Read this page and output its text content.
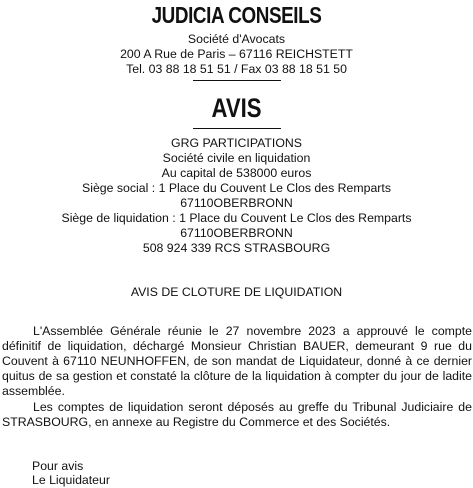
JUDICIA CONSEILS
Société d'Avocats
200 A Rue de Paris – 67116 REICHSTETT
Tel. 03 88 18 51 51 / Fax 03 88 18 51 50
AVIS
GRG PARTICIPATIONS
Société civile en liquidation
Au capital de 538000 euros
Siège social : 1 Place du Couvent Le Clos des Remparts
67110OBERBRONN
Siège de liquidation : 1 Place du Couvent Le Clos des Remparts
67110OBERBRONN
508 924 339 RCS STRASBOURG
AVIS DE CLOTURE DE LIQUIDATION
L'Assemblée Générale réunie le 27 novembre 2023 a approuvé le compte définitif de liquidation, déchargé Monsieur Christian BAUER, demeurant 9 rue du Couvent à 67110 NEUNHOFFEN, de son mandat de Liquidateur, donné à ce dernier quitus de sa gestion et constaté la clôture de la liquidation à compter du jour de ladite assemblée.
Les comptes de liquidation seront déposés au greffe du Tribunal Judiciaire de STRASBOURG, en annexe au Registre du Commerce et des Sociétés.
Pour avis
Le Liquidateur
